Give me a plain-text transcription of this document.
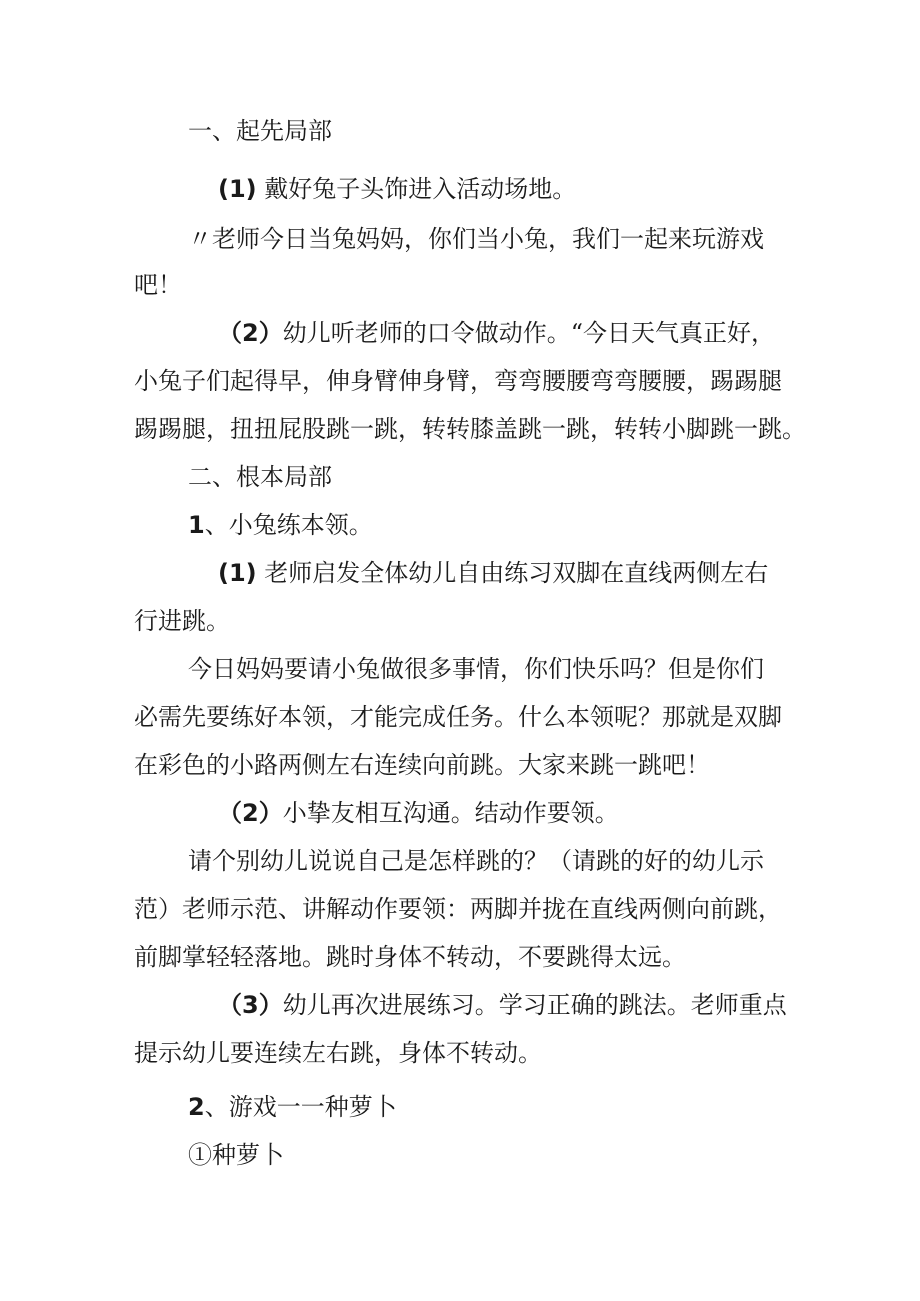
一、起先局部
(1) 戴好兔子头饰进入活动场地。
〃老师今日当兔妈妈，你们当小兔，我们一起来玩游戏
吧！
（2）幼儿听老师的口令做动作。“今日天气真正好，
小兔子们起得早，伸身臂伸身臂，弯弯腰腰弯弯腰腰，踢踢腿
踢踢腿，扭扭屁股跳一跳，转转膝盖跳一跳，转转小脚跳一跳。
二、根本局部
1、小兔练本领。
(1) 老师启发全体幼儿自由练习双脚在直线两侧左右
行进跳。
今日妈妈要请小兔做很多事情，你们快乐吗？但是你们
必需先要练好本领，才能完成任务。什么本领呢？那就是双脚
在彩色的小路两侧左右连续向前跳。大家来跳一跳吧！
（2）小挚友相互沟通。结动作要领。
请个别幼儿说说自己是怎样跳的？（请跳的好的幼儿示
范）老师示范、讲解动作要领：两脚并拢在直线两侧向前跳，
前脚掌轻轻落地。跳时身体不转动，不要跳得太远。
（3）幼儿再次进展练习。学习正确的跳法。老师重点
提示幼儿要连续左右跳，身体不转动。
2、游戏一一种萝卜
①种萝卜
